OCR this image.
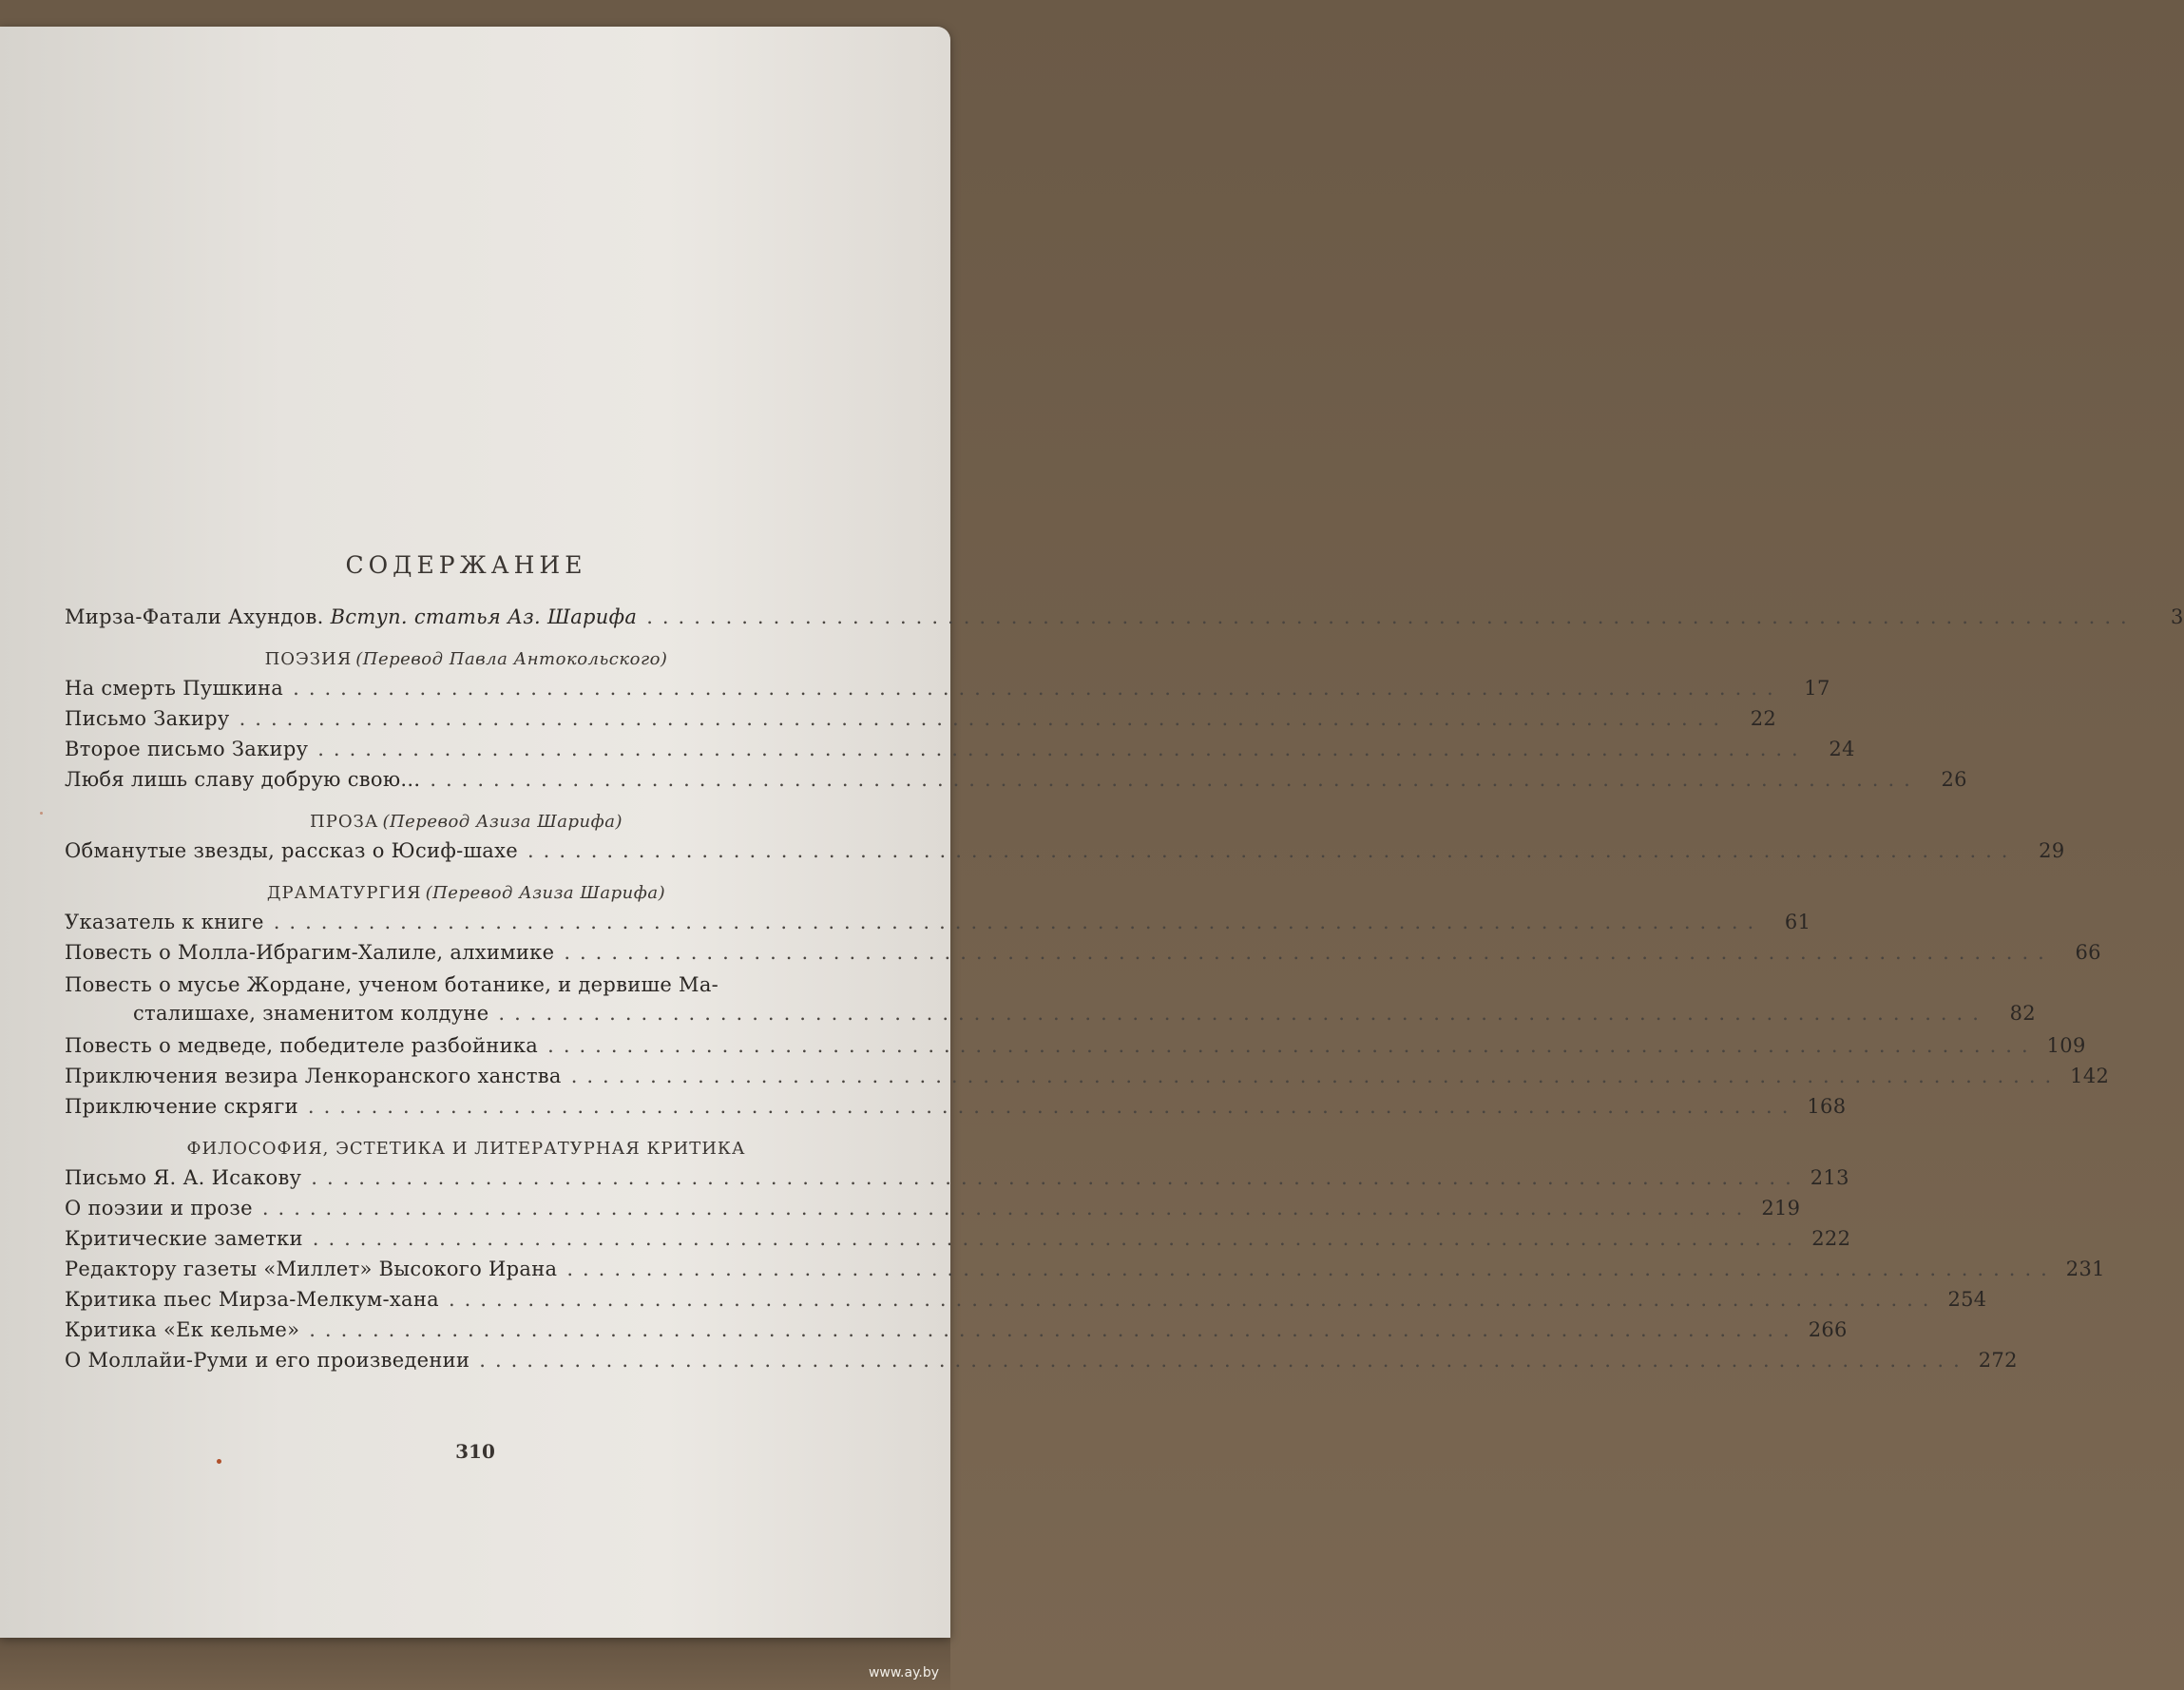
СОДЕРЖАНИЕ
Мирза-Фатали Ахундов. Вступ. статья Аз. Шарифа ..............................................................................................	3
ПОЭЗИЯ (Перевод Павла Антокольского)
На смерть Пушкина ..............................................................................................	17
Письмо Закиру ..............................................................................................	22
Второе письмо Закиру ..............................................................................................	24
Любя лишь славу добрую свою... ..............................................................................................	26
ПРОЗА (Перевод Азиза Шарифа)
Обманутые звезды, рассказ о Юсиф-шахе ..............................................................................................	29
ДРАМАТУРГИЯ (Перевод Азиза Шарифа)
Указатель к книге ..............................................................................................	61
Повесть о Молла-Ибрагим-Халиле, алхимике ..............................................................................................	66
Повесть о мусье Жордане, ученом ботанике, и дервише Ма-
сталишахе, знаменитом колдуне ..............................................................................................	82
Повесть о медведе, победителе разбойника .............................................................................................. 109
Приключения везира Ленкоранского ханства .............................................................................................. 142
Приключение скряги .............................................................................................. 168
ФИЛОСОФИЯ, ЭСТЕТИКА И ЛИТЕРАТУРНАЯ КРИТИКА
Письмо Я. А. Исакову .............................................................................................. 213
О поэзии и прозе .............................................................................................. 219
Критические заметки .............................................................................................. 222
Редактору газеты «Миллет» Высокого Ирана .............................................................................................. 231
Критика пьес Мирза-Мелкум-хана .............................................................................................. 254
Критика «Ек кельме» .............................................................................................. 266
О Моллайи-Руми и его произведении .............................................................................................. 272
310
www.ay.by
